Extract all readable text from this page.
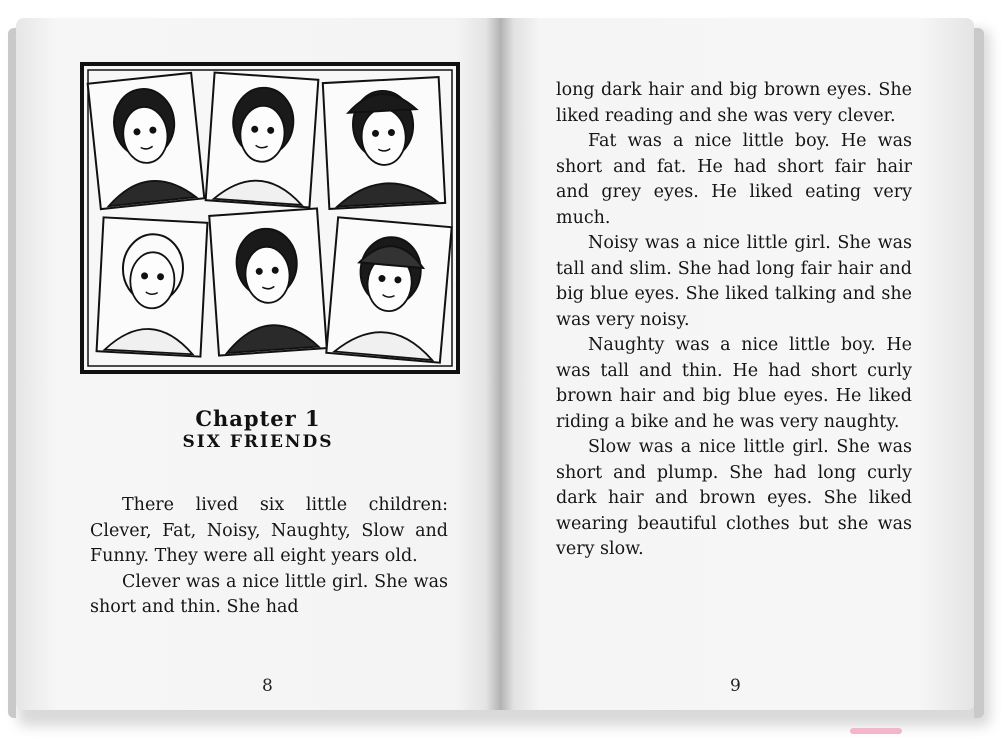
Chapter 1
SIX FRIENDS

There lived six little children: Clever, Fat, Noisy, Naughty, Slow and Funny. They were all eight years old.

Clever was a nice little girl. She was short and thin. She had

long dark hair and big brown eyes. She liked reading and she was very clever.

Fat was a nice little boy. He was short and fat. He had short fair hair and grey eyes. He liked eating very much.

Noisy was a nice little girl. She was tall and slim. She had long fair hair and big blue eyes. She liked talking and she was very noisy.

Naughty was a nice little boy. He was tall and thin. He had short curly brown hair and big blue eyes. He liked riding a bike and he was very naughty.

Slow was a nice little girl. She was short and plump. She had long curly dark hair and brown eyes. She liked wearing beautiful clothes but she was very slow.

8	9
